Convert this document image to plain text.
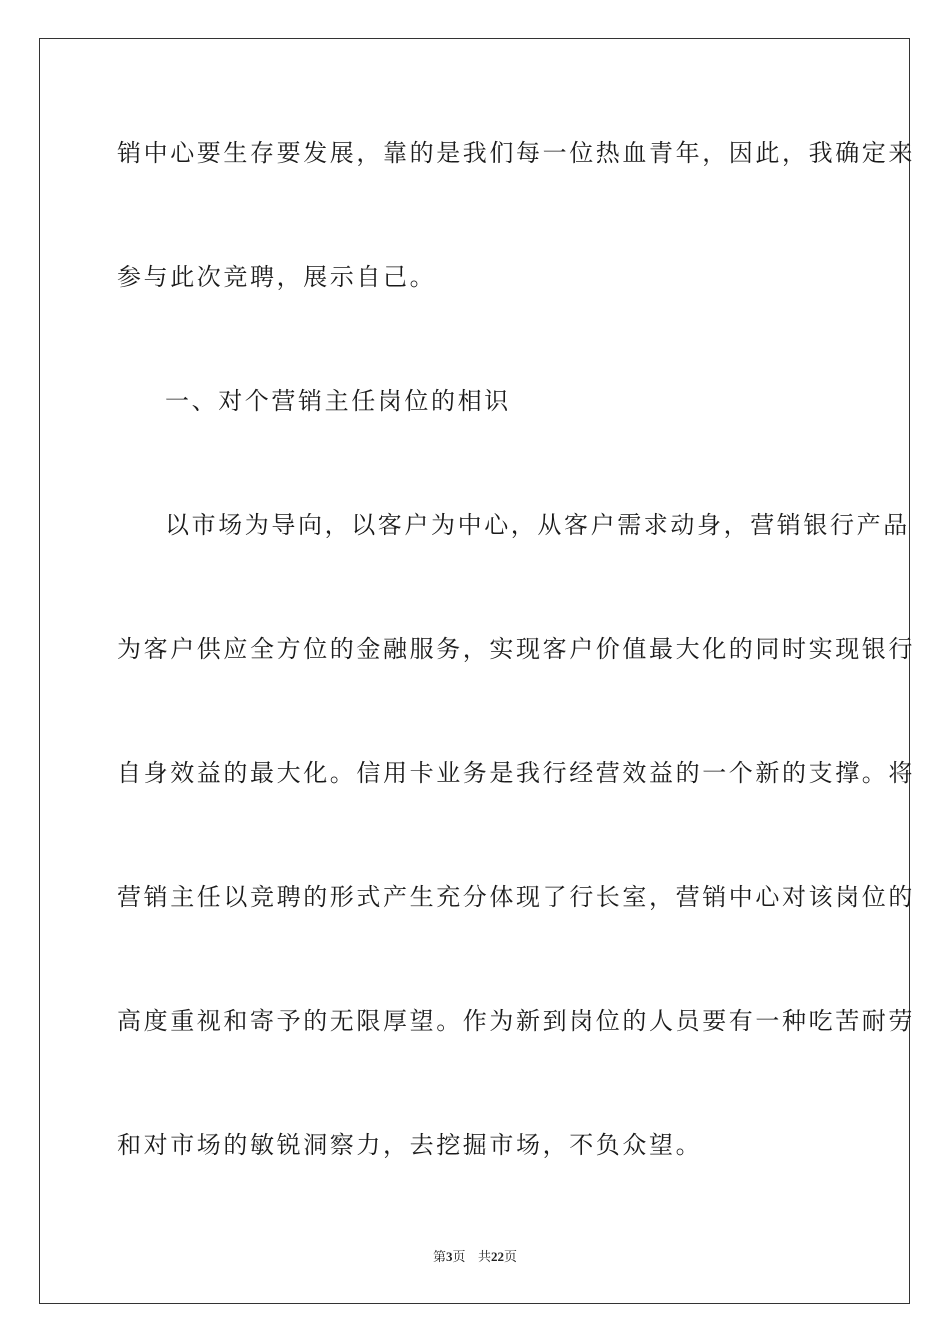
销中心要生存要发展，靠的是我们每一位热血青年，因此，我确定来
参与此次竞聘，展示自己。
一、对个营销主任岗位的相识
以市场为导向，以客户为中心，从客户需求动身，营销银行产品
为客户供应全方位的金融服务，实现客户价值最大化的同时实现银行
自身效益的最大化。信用卡业务是我行经营效益的一个新的支撑。将
营销主任以竞聘的形式产生充分体现了行长室，营销中心对该岗位的
高度重视和寄予的无限厚望。作为新到岗位的人员要有一种吃苦耐劳
和对市场的敏锐洞察力，去挖掘市场，不负众望。
第3页 共22页
